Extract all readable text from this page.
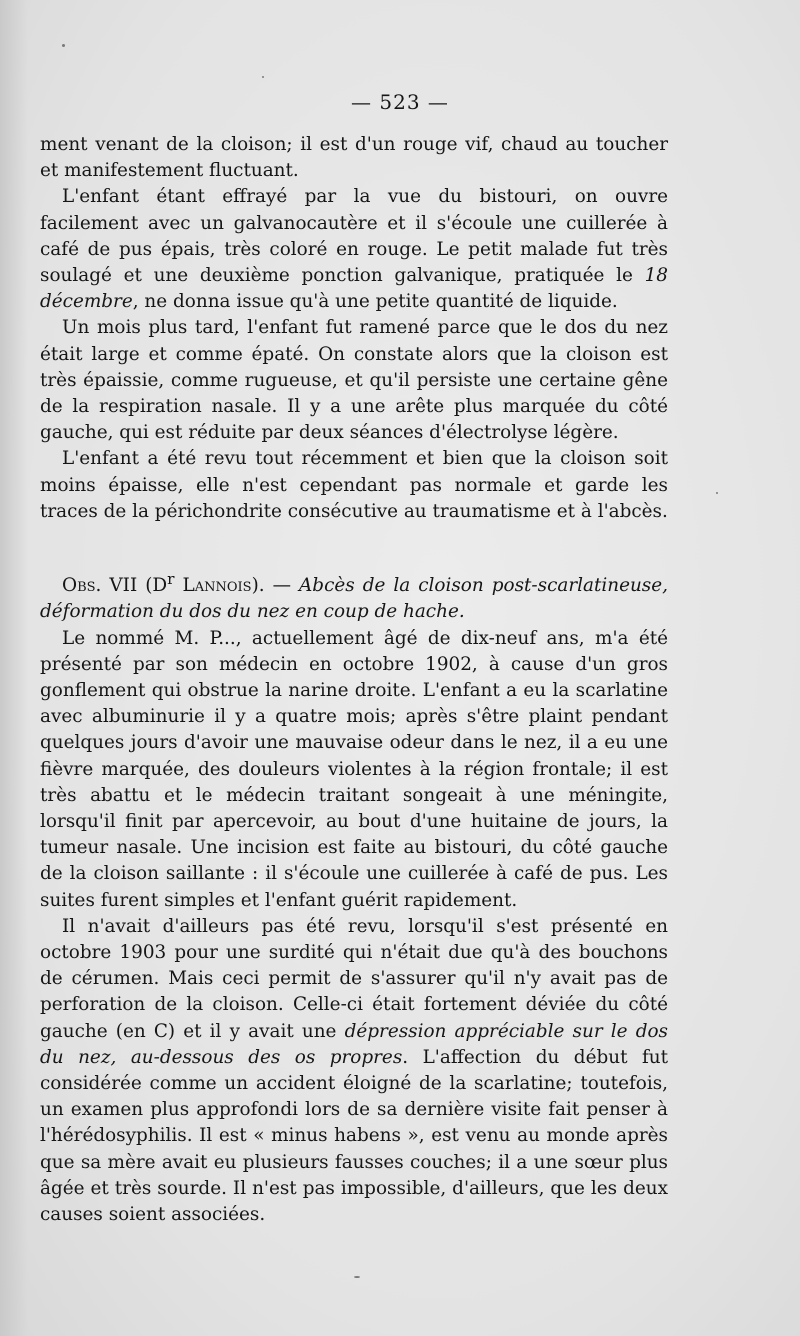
— 523 —

ment venant de la cloison; il est d'un rouge vif, chaud au toucher et manifestement fluctuant.

L'enfant étant effrayé par la vue du bistouri, on ouvre facilement avec un galvanocautère et il s'écoule une cuillerée à café de pus épais, très coloré en rouge. Le petit malade fut très soulagé et une deuxième ponction galvanique, pratiquée le 18 décembre, ne donna issue qu'à une petite quantité de liquide.

Un mois plus tard, l'enfant fut ramené parce que le dos du nez était large et comme épaté. On constate alors que la cloison est très épaissie, comme rugueuse, et qu'il persiste une certaine gêne de la respiration nasale. Il y a une arête plus marquée du côté gauche, qui est réduite par deux séances d'électrolyse légère.

L'enfant a été revu tout récemment et bien que la cloison soit moins épaisse, elle n'est cependant pas normale et garde les traces de la périchondrite consécutive au traumatisme et à l'abcès.

Obs. VII ($D^r$ Lannois). — Abcès de la cloison post-scarlatineuse, déformation du dos du nez en coup de hache.

Le nommé M. P..., actuellement âgé de dix-neuf ans, m'a été présenté par son médecin en octobre 1902, à cause d'un gros gonflement qui obstrue la narine droite. L'enfant a eu la scarlatine avec albuminurie il y a quatre mois; après s'être plaint pendant quelques jours d'avoir une mauvaise odeur dans le nez, il a eu une fièvre marquée, des douleurs violentes à la région frontale; il est très abattu et le médecin traitant songeait à une méningite, lorsqu'il finit par apercevoir, au bout d'une huitaine de jours, la tumeur nasale. Une incision est faite au bistouri, du côté gauche de la cloison saillante : il s'écoule une cuillerée à café de pus. Les suites furent simples et l'enfant guérit rapidement.

Il n'avait d'ailleurs pas été revu, lorsqu'il s'est présenté en octobre 1903 pour une surdité qui n'était due qu'à des bouchons de cérumen. Mais ceci permit de s'assurer qu'il n'y avait pas de perforation de la cloison. Celle-ci était fortement déviée du côté gauche (en C) et il y avait une dépression appréciable sur le dos du nez, au-dessous des os propres. L'affection du début fut considérée comme un accident éloigné de la scarlatine; toutefois, un examen plus approfondi lors de sa dernière visite fait penser à l'hérédosyphilis. Il est « minus habens », est venu au monde après que sa mère avait eu plusieurs fausses couches; il a une sœur plus âgée et très sourde. Il n'est pas impossible, d'ailleurs, que les deux causes soient associées.
